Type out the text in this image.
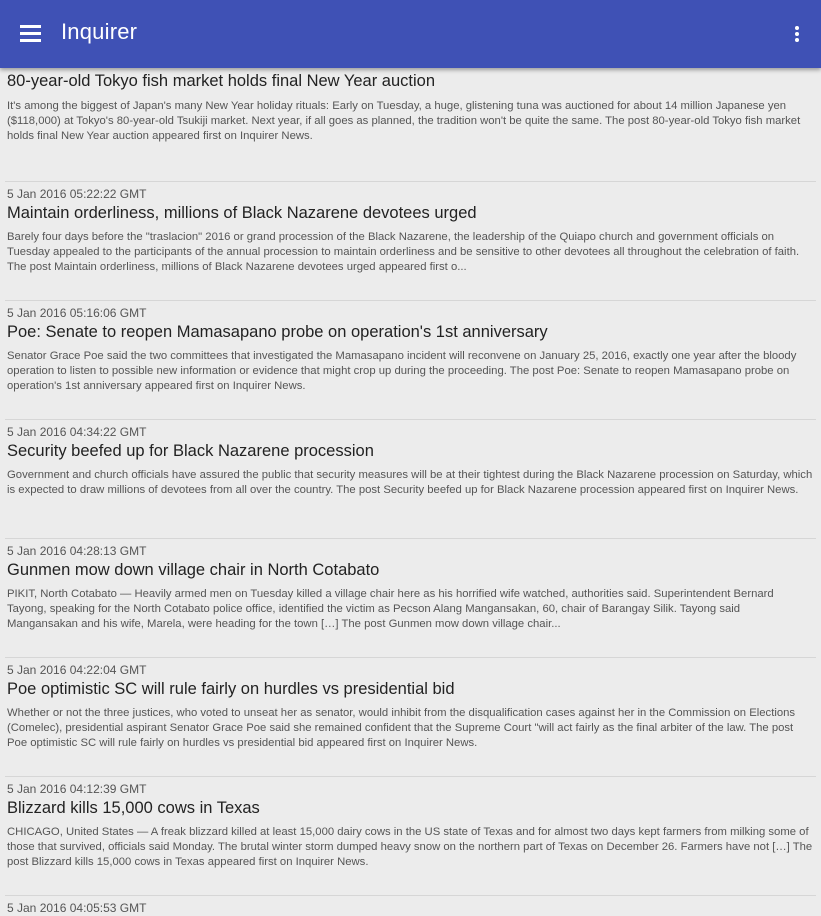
Inquirer
80-year-old Tokyo fish market holds final New Year auction
It's among the biggest of Japan's many New Year holiday rituals: Early on Tuesday, a huge, glistening tuna was auctioned for about 14 million Japanese yen ($118,000) at Tokyo's 80-year-old Tsukiji market. Next year, if all goes as planned, the tradition won't be quite the same. The post 80-year-old Tokyo fish market holds final New Year auction appeared first on Inquirer News.
5 Jan 2016 05:22:22 GMT
Maintain orderliness, millions of Black Nazarene devotees urged
Barely four days before the "traslacion" 2016 or grand procession of the Black Nazarene, the leadership of the Quiapo church and government officials on Tuesday appealed to the participants of the annual procession to maintain orderliness and be sensitive to other devotees all throughout the celebration of faith. The post Maintain orderliness, millions of Black Nazarene devotees urged appeared first o...
5 Jan 2016 05:16:06 GMT
Poe: Senate to reopen Mamasapano probe on operation's 1st anniversary
Senator Grace Poe said the two committees that investigated the Mamasapano incident will reconvene on January 25, 2016, exactly one year after the bloody operation to listen to possible new information or evidence that might crop up during the proceeding. The post Poe: Senate to reopen Mamasapano probe on operation's 1st anniversary appeared first on Inquirer News.
5 Jan 2016 04:34:22 GMT
Security beefed up for Black Nazarene procession
Government and church officials have assured the public that security measures will be at their tightest during the Black Nazarene procession on Saturday, which is expected to draw millions of devotees from all over the country. The post Security beefed up for Black Nazarene procession appeared first on Inquirer News.
5 Jan 2016 04:28:13 GMT
Gunmen mow down village chair in North Cotabato
PIKIT, North Cotabato — Heavily armed men on Tuesday killed a village chair here as his horrified wife watched, authorities said. Superintendent Bernard Tayong, speaking for the North Cotabato police office, identified the victim as Pecson Alang Mangansakan, 60, chair of Barangay Silik. Tayong said Mangansakan and his wife, Marela, were heading for the town […] The post Gunmen mow down village chair...
5 Jan 2016 04:22:04 GMT
Poe optimistic SC will rule fairly on hurdles vs presidential bid
Whether or not the three justices, who voted to unseat her as senator, would inhibit from the disqualification cases against her in the Commission on Elections (Comelec), presidential aspirant Senator Grace Poe said she remained confident that the Supreme Court "will act fairly as the final arbiter of the law. The post Poe optimistic SC will rule fairly on hurdles vs presidential bid appeared first on Inquirer News.
5 Jan 2016 04:12:39 GMT
Blizzard kills 15,000 cows in Texas
CHICAGO, United States — A freak blizzard killed at least 15,000 dairy cows in the US state of Texas and for almost two days kept farmers from milking some of those that survived, officials said Monday. The brutal winter storm dumped heavy snow on the northern part of Texas on December 26. Farmers have not […] The post Blizzard kills 15,000 cows in Texas appeared first on Inquirer News.
5 Jan 2016 04:05:53 GMT
